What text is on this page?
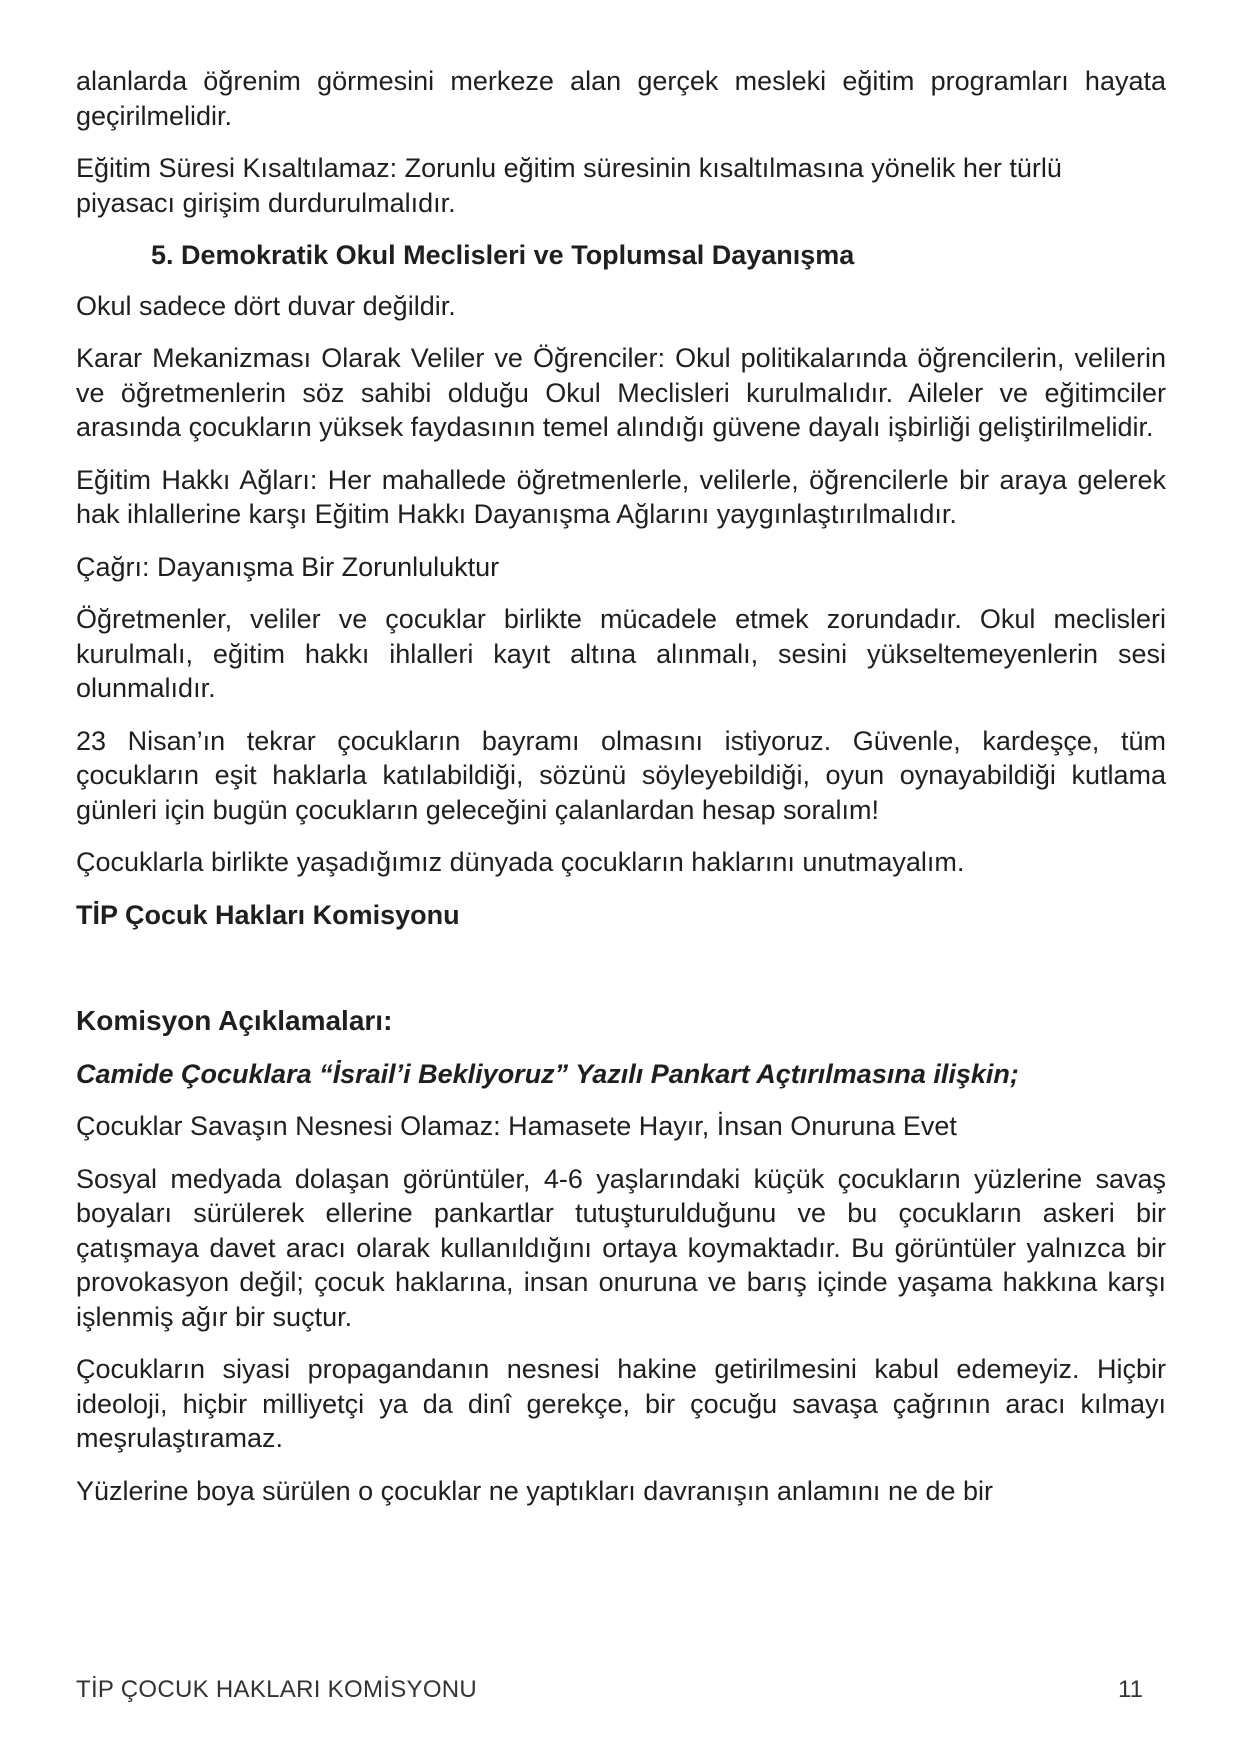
alanlarda öğrenim görmesini merkeze alan gerçek mesleki eğitim programları hayata geçirilmelidir.

Eğitim Süresi Kısaltılamaz: Zorunlu eğitim süresinin kısaltılmasına yönelik her türlü piyasacı girişim durdurulmalıdır.

5. Demokratik Okul Meclisleri ve Toplumsal Dayanışma

Okul sadece dört duvar değildir.

Karar Mekanizması Olarak Veliler ve Öğrenciler: Okul politikalarında öğrencilerin, velilerin ve öğretmenlerin söz sahibi olduğu Okul Meclisleri kurulmalıdır. Aileler ve eğitimciler arasında çocukların yüksek faydasının temel alındığı güvene dayalı işbirliği geliştirilmelidir.

Eğitim Hakkı Ağları: Her mahallede öğretmenlerle, velilerle, öğrencilerle bir araya gelerek hak ihlallerine karşı Eğitim Hakkı Dayanışma Ağlarını yaygınlaştırılmalıdır.

Çağrı: Dayanışma Bir Zorunluluktur

Öğretmenler, veliler ve çocuklar birlikte mücadele etmek zorundadır. Okul meclisleri kurulmalı, eğitim hakkı ihlalleri kayıt altına alınmalı, sesini yükseltemeyenlerin sesi olunmalıdır.

23 Nisan’ın tekrar çocukların bayramı olmasını istiyoruz. Güvenle, kardeşçe, tüm çocukların eşit haklarla katılabildiği, sözünü söyleyebildiği, oyun oynayabildiği kutlama günleri için bugün çocukların geleceğini çalanlardan hesap soralım!

Çocuklarla birlikte yaşadığımız dünyada çocukların haklarını unutmayalım.

TİP Çocuk Hakları Komisyonu

Komisyon Açıklamaları:

Camide Çocuklara “İsrail’i Bekliyoruz” Yazılı Pankart Açtırılmasına ilişkin;

Çocuklar Savaşın Nesnesi Olamaz: Hamasete Hayır, İnsan Onuruna Evet

Sosyal medyada dolaşan görüntüler, 4-6 yaşlarındaki küçük çocukların yüzlerine savaş boyaları sürülerek ellerine pankartlar tutuşturulduğunu ve bu çocukların askeri bir çatışmaya davet aracı olarak kullanıldığını ortaya koymaktadır. Bu görüntüler yalnızca bir provokasyon değil; çocuk haklarına, insan onuruna ve barış içinde yaşama hakkına karşı işlenmiş ağır bir suçtur.

Çocukların siyasi propagandanın nesnesi hakine getirilmesini kabul edemeyiz. Hiçbir ideoloji, hiçbir milliyetçi ya da dinî gerekçe, bir çocuğu savaşa çağrının aracı kılmayı meşrulaştıramaz.

Yüzlerine boya sürülen o çocuklar ne yaptıkları davranışın anlamını ne de bir

TİP ÇOCUK HAKLARI KOMİSYONU	11
